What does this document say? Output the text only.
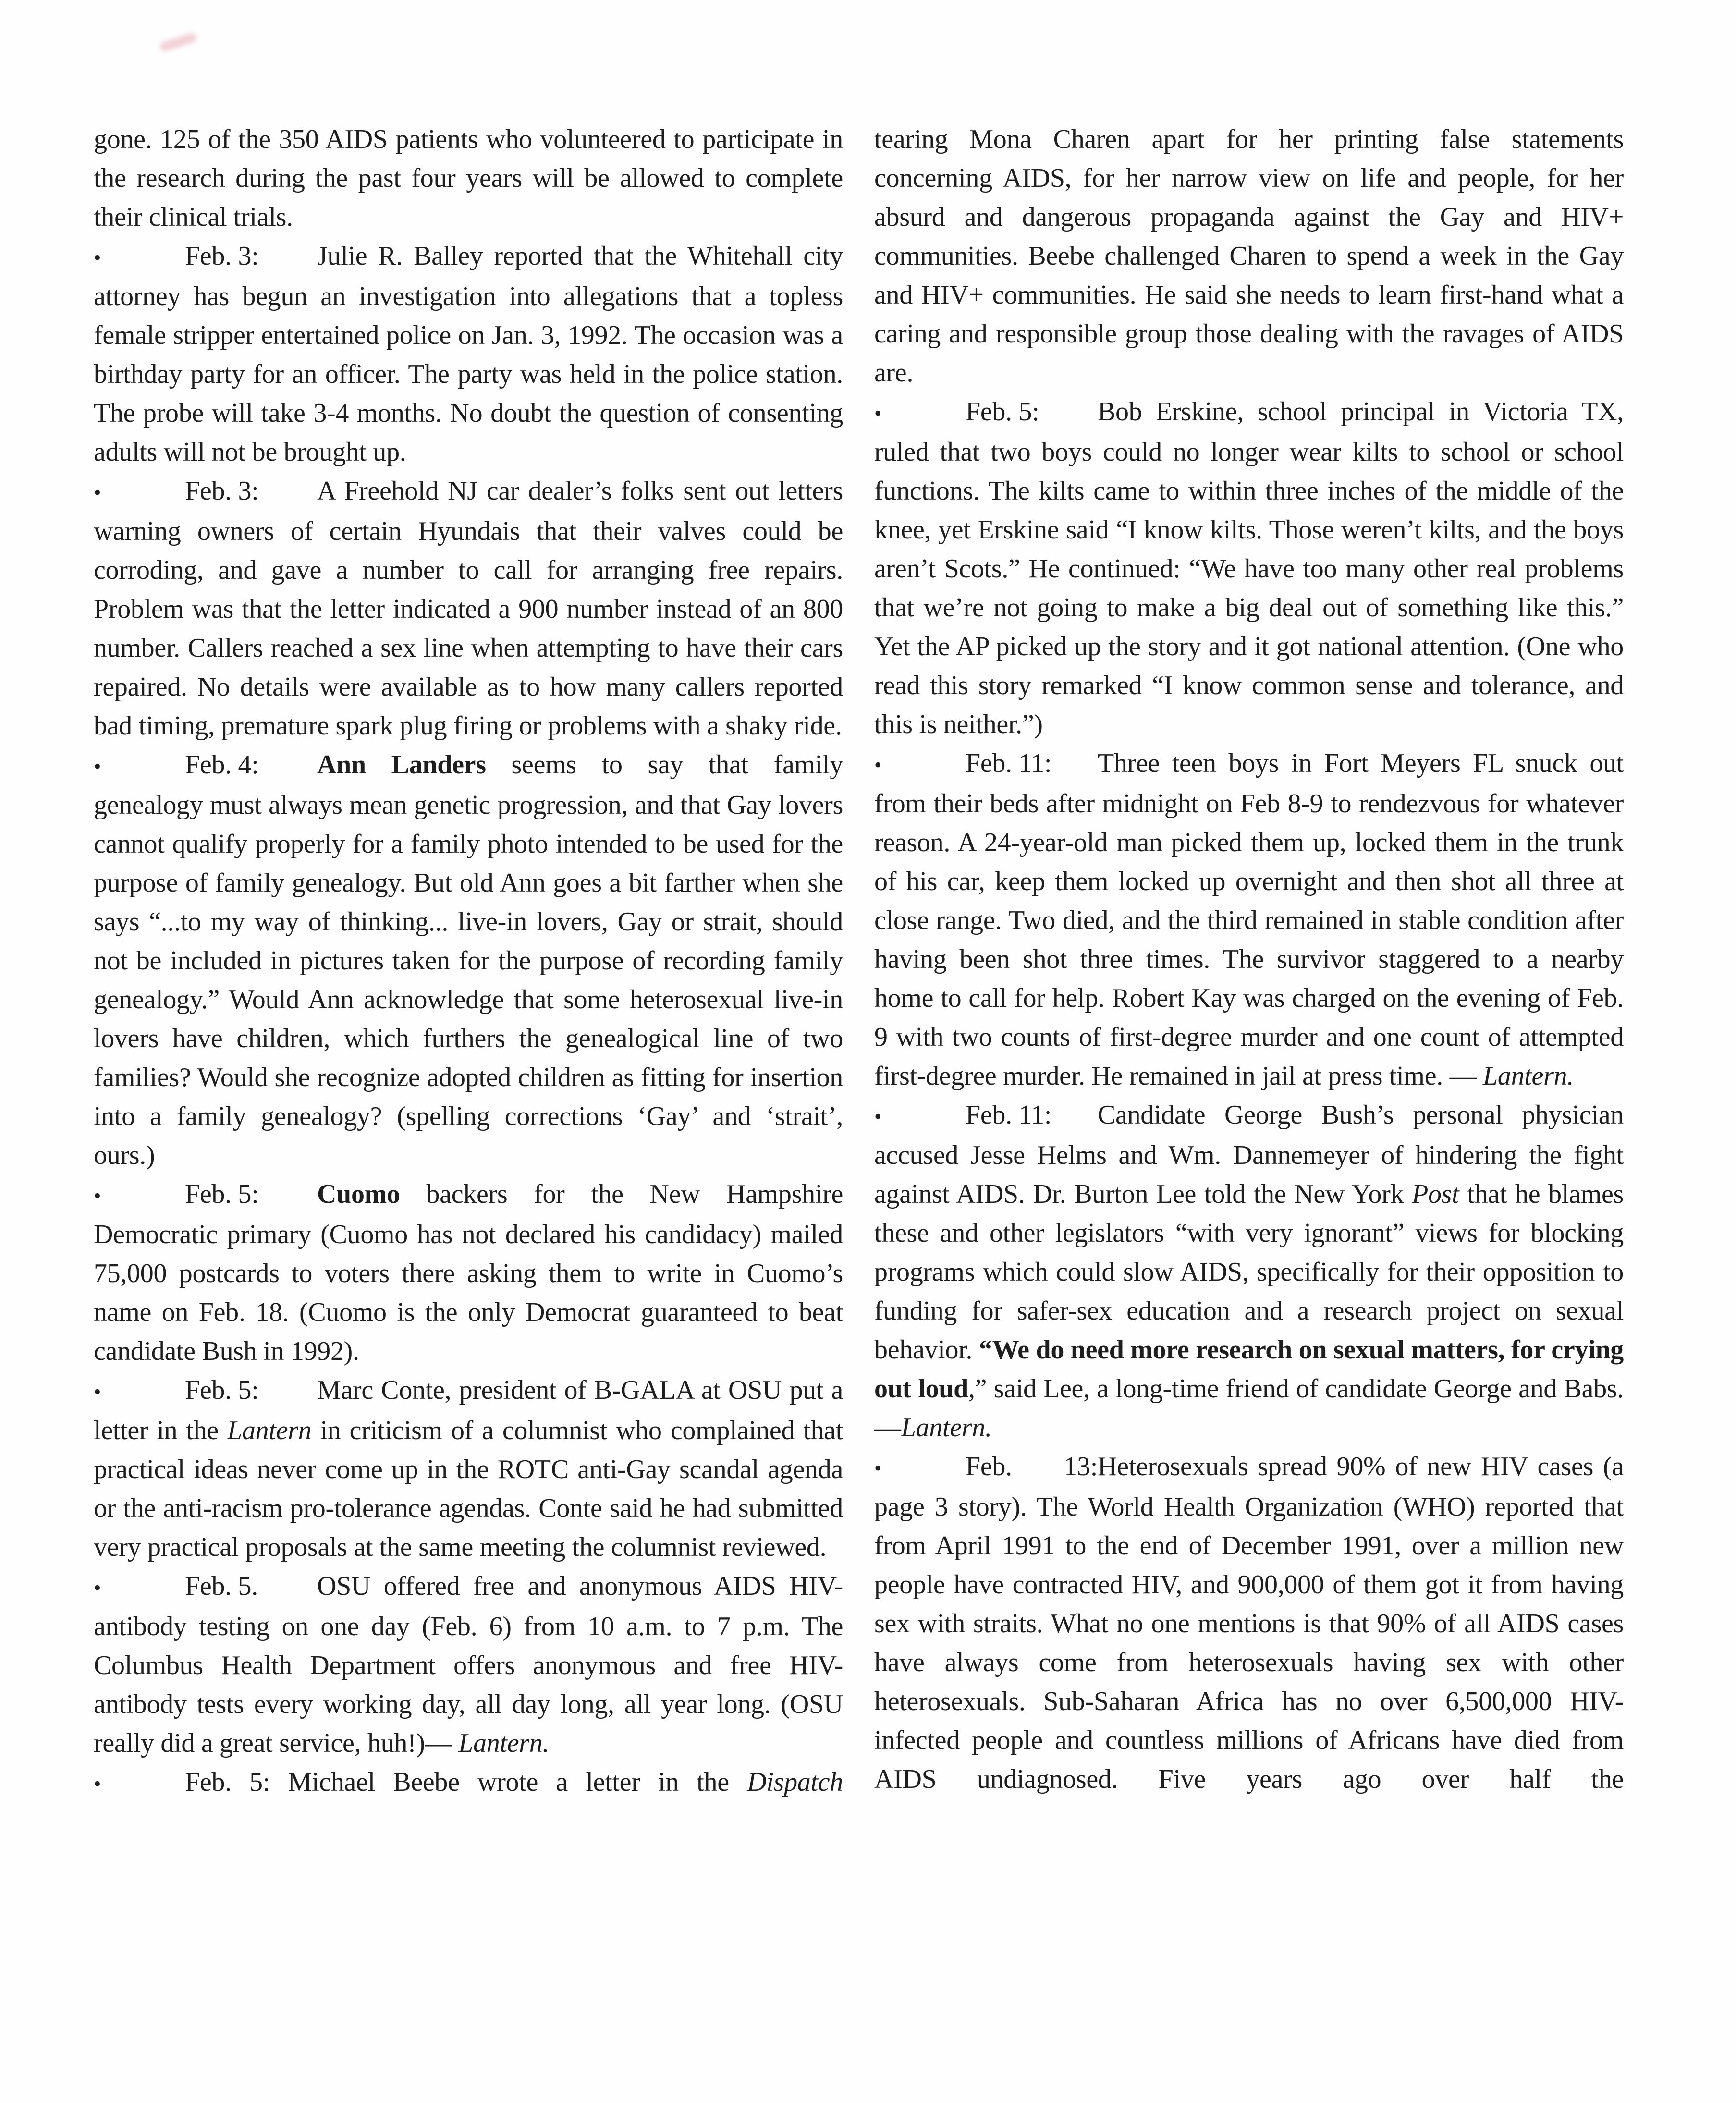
gone. 125 of the 350 AIDS patients who volunteered to participate in the research during the past four years will be allowed to complete their clinical trials.

•	Feb. 3: Julie R. Balley reported that the Whitehall city attorney has begun an investigation into allegations that a topless female stripper entertained police on Jan. 3, 1992. The occasion was a birthday party for an officer. The party was held in the police station. The probe will take 3-4 months. No doubt the question of consenting adults will not be brought up.

•	Feb. 3: A Freehold NJ car dealer’s folks sent out letters warning owners of certain Hyundais that their valves could be corroding, and gave a number to call for arranging free repairs. Problem was that the letter indicated a 900 number instead of an 800 number. Callers reached a sex line when attempting to have their cars repaired. No details were available as to how many callers reported bad timing, premature spark plug firing or problems with a shaky ride.

•	Feb. 4: Ann Landers seems to say that family genealogy must always mean genetic progression, and that Gay lovers cannot qualify properly for a family photo intended to be used for the purpose of family genealogy. But old Ann goes a bit farther when she says “...to my way of thinking... live-in lovers, Gay or strait, should not be included in pictures taken for the purpose of recording family genealogy.” Would Ann acknowledge that some heterosexual live-in lovers have children, which furthers the genealogical line of two families? Would she recognize adopted children as fitting for insertion into a family genealogy? (spelling corrections ‘Gay’ and ‘strait’, ours.)

•	Feb. 5: Cuomo backers for the New Hampshire Democratic primary (Cuomo has not declared his candidacy) mailed 75,000 postcards to voters there asking them to write in Cuomo’s name on Feb. 18. (Cuomo is the only Democrat guaranteed to beat candidate Bush in 1992).

•	Feb. 5: Marc Conte, president of B-GALA at OSU put a letter in the Lantern in criticism of a columnist who complained that practical ideas never come up in the ROTC anti-Gay scandal agenda or the anti-racism pro-tolerance agendas. Conte said he had submitted very practical proposals at the same meeting the columnist reviewed.

•	Feb. 5. OSU offered free and anonymous AIDS HIV-antibody testing on one day (Feb. 6) from 10 a.m. to 7 p.m. The Columbus Health Department offers anonymous and free HIV-antibody tests every working day, all day long, all year long. (OSU really did a great service, huh!)— Lantern.

•	Feb. 5: Michael Beebe wrote a letter in the Dispatch

tearing Mona Charen apart for her printing false statements concerning AIDS, for her narrow view on life and people, for her absurd and dangerous propaganda against the Gay and HIV+ communities. Beebe challenged Charen to spend a week in the Gay and HIV+ communities. He said she needs to learn first-hand what a caring and responsible group those dealing with the ravages of AIDS are.

•	Feb. 5: Bob Erskine, school principal in Victoria TX, ruled that two boys could no longer wear kilts to school or school functions. The kilts came to within three inches of the middle of the knee, yet Erskine said “I know kilts. Those weren’t kilts, and the boys aren’t Scots.” He continued: “We have too many other real problems that we’re not going to make a big deal out of something like this.” Yet the AP picked up the story and it got national attention. (One who read this story remarked “I know common sense and tolerance, and this is neither.”)

•	Feb. 11: Three teen boys in Fort Meyers FL snuck out from their beds after midnight on Feb 8-9 to rendezvous for whatever reason. A 24-year-old man picked them up, locked them in the trunk of his car, keep them locked up overnight and then shot all three at close range. Two died, and the third remained in stable condition after having been shot three times. The survivor staggered to a nearby home to call for help. Robert Kay was charged on the evening of Feb. 9 with two counts of first-degree murder and one count of attempted first-degree murder. He remained in jail at press time. — Lantern.

•	Feb. 11: Candidate George Bush’s personal physician accused Jesse Helms and Wm. Dannemeyer of hindering the fight against AIDS. Dr. Burton Lee told the New York Post that he blames these and other legislators “with very ignorant” views for blocking programs which could slow AIDS, specifically for their opposition to funding for safer-sex education and a research project on sexual behavior. “We do need more research on sexual matters, for crying out loud,” said Lee, a long-time friend of candidate George and Babs.—Lantern.

•	Feb. 13:Heterosexuals spread 90% of new HIV cases (a page 3 story). The World Health Organization (WHO) reported that from April 1991 to the end of December 1991, over a million new people have contracted HIV, and 900,000 of them got it from having sex with straits. What no one mentions is that 90% of all AIDS cases have always come from heterosexuals having sex with other heterosexuals. Sub-Saharan Africa has no over 6,500,000 HIV-infected people and countless millions of Africans have died from AIDS undiagnosed. Five years ago over half the
